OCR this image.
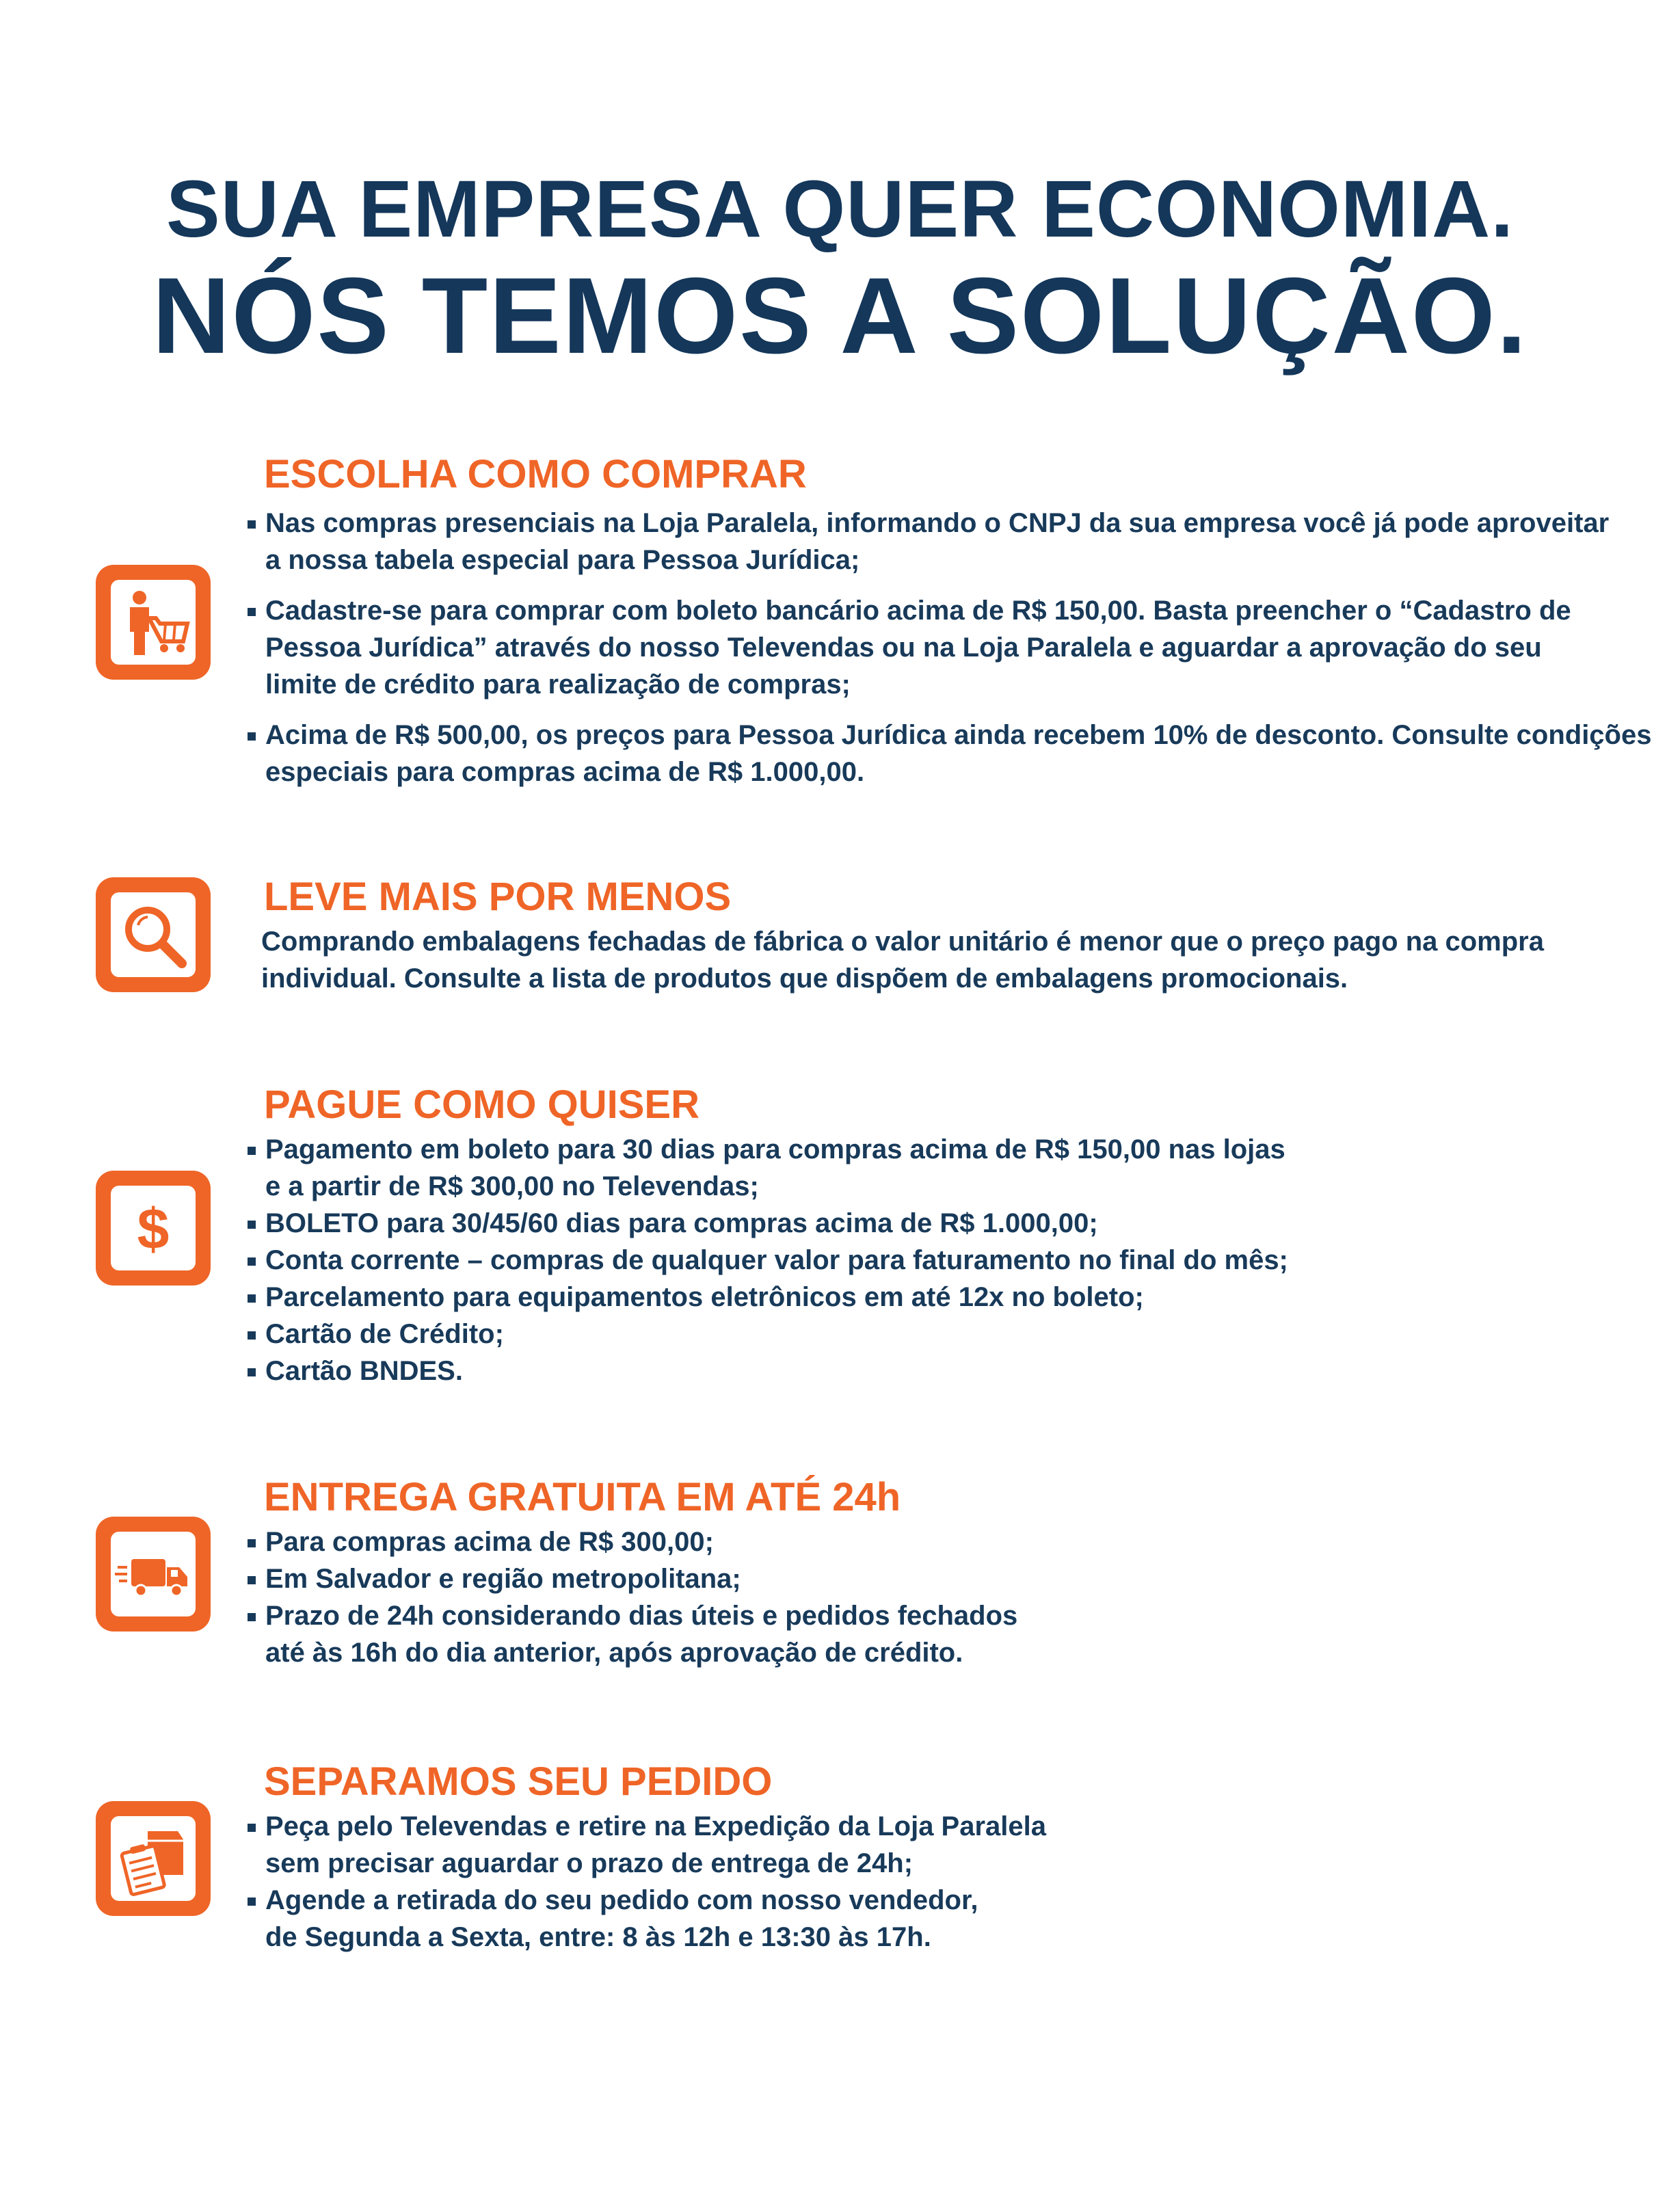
SUA EMPRESA QUER ECONOMIA.
NÓS TEMOS A SOLUÇÃO.
ESCOLHA COMO COMPRAR
Nas compras presenciais na Loja Paralela, informando o CNPJ da sua empresa você já pode aproveitar
a nossa tabela especial para Pessoa Jurídica;
Cadastre-se para comprar com boleto bancário acima de R$ 150,00. Basta preencher o “Cadastro de
Pessoa Jurídica” através do nosso Televendas ou na Loja Paralela e aguardar a aprovação do seu
limite de crédito para realização de compras;
Acima de R$ 500,00, os preços para Pessoa Jurídica ainda recebem 10% de desconto. Consulte condições
especiais para compras acima de R$ 1.000,00.
LEVE MAIS POR MENOS

Comprando embalagens fechadas de fábrica o valor unitário é menor que o preço pago na compra
individual. Consulte a lista de produtos que dispõem de embalagens promocionais.

$
PAGUE COMO QUISER
Pagamento em boleto para 30 dias para compras acima de R$ 150,00 nas lojas
e a partir de R$ 300,00 no Televendas;
BOLETO para 30/45/60 dias para compras acima de R$ 1.000,00;
Conta corrente – compras de qualquer valor para faturamento no final do mês;
Parcelamento para equipamentos eletrônicos em até 12x no boleto;
Cartão de Crédito;
Cartão BNDES.
ENTREGA GRATUITA EM ATÉ 24h
Para compras acima de R$ 300,00;
Em Salvador e região metropolitana;
Prazo de 24h considerando dias úteis e pedidos fechados
até às 16h do dia anterior, após aprovação de crédito.
SEPARAMOS SEU PEDIDO
Peça pelo Televendas e retire na Expedição da Loja Paralela
sem precisar aguardar o prazo de entrega de 24h;
Agende a retirada do seu pedido com nosso vendedor,
de Segunda a Sexta, entre: 8 às 12h e 13:30 às 17h.
